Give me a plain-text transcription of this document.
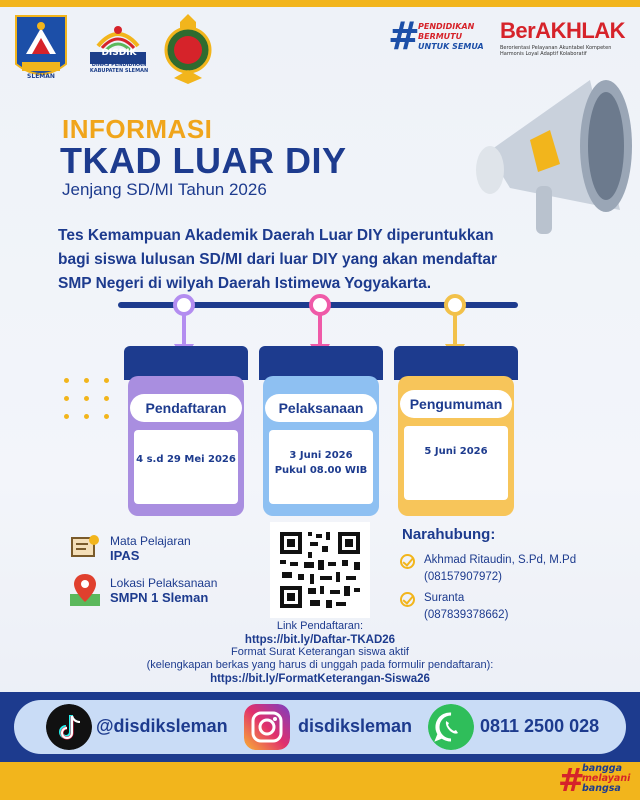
SLEMAN
DISDIK
DINAS PENDIDIKAN KABUPATEN SLEMAN
#
PENDIDIKAN
BERMUTU
UNTUK SEMUA
BerAKHLAK
Berorientasi Pelayanan Akuntabel Kompeten Harmonis Loyal Adaptif Kolaboratif
INFORMASI
TKAD LUAR DIY
Jenjang SD/MI Tahun 2026
Tes Kemampuan Akademik Daerah Luar DIY diperuntukkan
bagi siswa lulusan SD/MI dari luar DIY yang akan mendaftar
SMP Negeri di wilyah Daerah Istimewa Yogyakarta.
Pendaftaran
4 s.d 29 Mei 2026
Pelaksanaan
3 Juni 2026
Pukul 08.00 WIB
Pengumuman
5 Juni 2026
Mata Pelajaran
IPAS
Lokasi Pelaksanaan
SMPN 1 Sleman
Narahubung:
Akhmad Ritaudin, S.Pd, M.Pd
(08157907972)
Suranta
(087839378662)
Link Pendaftaran:
https://bit.ly/Daftar-TKAD26
Format Surat Keterangan siswa aktif
(kelengkapan berkas yang harus di unggah pada formulir pendaftaran):
https://bit.ly/FormatKeterangan-Siswa26
@disdiksleman	disdiksleman	0811 2500 028
#
bangga
melayani
bangsa
